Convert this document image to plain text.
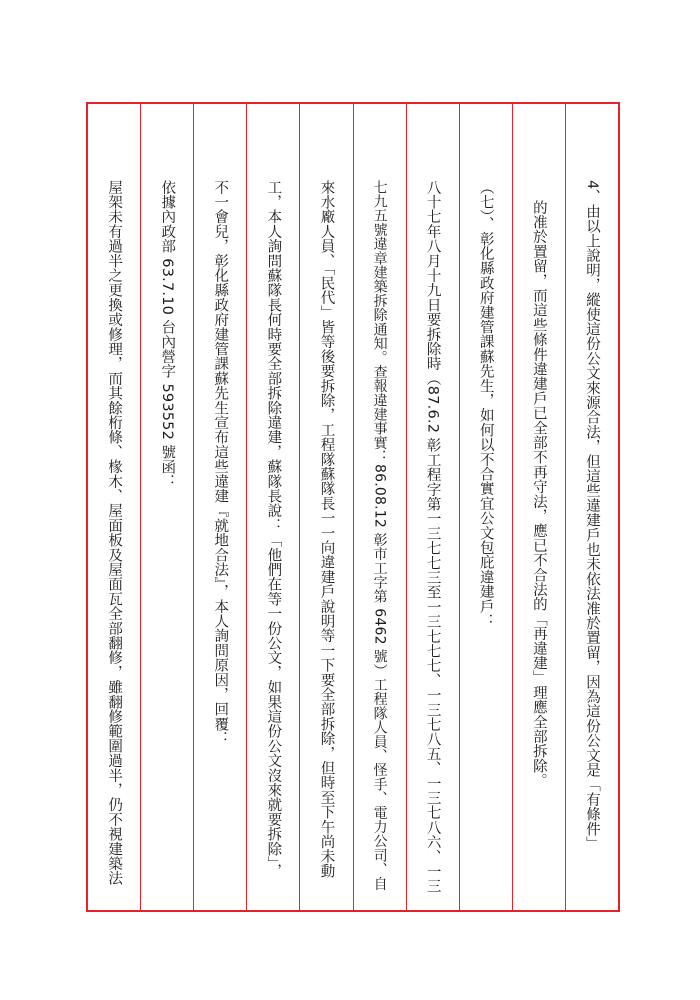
4、由以上說明，縱使這份公文來源合法，但這些違建戶也未依法准於置留，因為這份公文是「有條件」
的准於置留，而這些條件違建戶已全部不再守法，應已不合法的「再違建」理應全部拆除。
（七）、彰化縣政府建管課蘇先生，如何以不合實宜公文包庇違建戶：
八十七年八月十九日要拆除時（87.6.2 彰工程字第一三七七三至一三七七七、一三七八五、一三七八六、一三
七九五號違章建築拆除通知。查報違建事實：86.08.12 彰市工字第 6462 號）工程隊人員、怪手、電力公司、自
來水廠人員、「民代」皆等後要拆除，工程隊蘇隊長一一向違建戶說明等一下要全部拆除，但時至下午尚未動
工，本人詢問蘇隊長何時要全部拆除違建，蘇隊長說：「他們在等一份公文，如果這份公文沒來就要拆除」，
不一會兒，彰化縣政府建管課蘇先生宣布這些違建『就地合法』，本人詢問原因，回覆：
依據內政部 63.7.10 台內營字 593552 號函：
屋架未有過半之更換或修理，而其餘桁條、椽木、屋面板及屋面瓦全部翻修，雖翻修範圍過半，仍不視建築法
